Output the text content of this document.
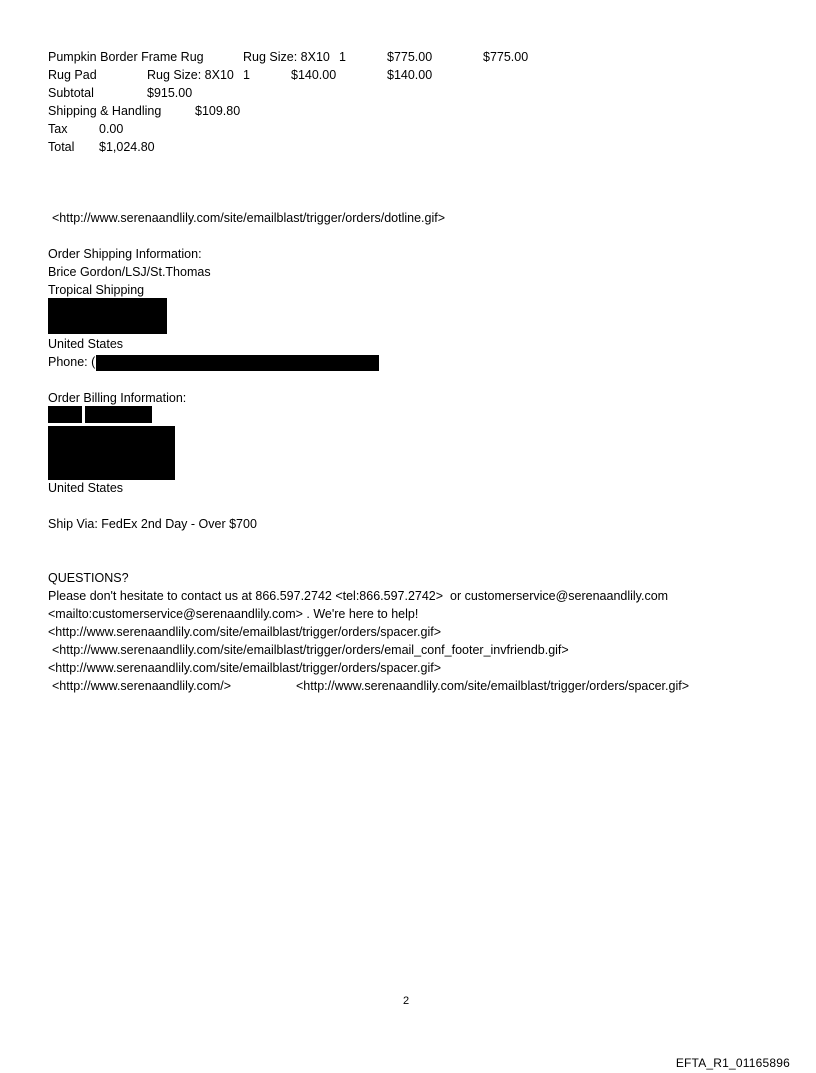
Pumpkin Border Frame Rug	Rug Size: 8X10 1	$775.00	$775.00
Rug Pad	Rug Size: 8X10 1	$140.00	$140.00
Subtotal	$915.00
Shipping & Handling	$109.80
Tax	0.00
Total $1,024.80
<http://www.serenaandlily.com/site/emailblast/trigger/orders/dotline.gif>
Order Shipping Information:
Brice Gordon/LSJ/St.Thomas
Tropical Shipping
United States
Phone: (
Order Billing Information:
United States
Ship Via: FedEx 2nd Day - Over $700
QUESTIONS?
Please don't hesitate to contact us at 866.597.2742 <tel:866.597.2742>  or customerservice@serenaandlily.com
<mailto:customerservice@serenaandlily.com> . We're here to help!
<http://www.serenaandlily.com/site/emailblast/trigger/orders/spacer.gif>
<http://www.serenaandlily.com/site/emailblast/trigger/orders/email_conf_footer_invfriendb.gif>
<http://www.serenaandlily.com/site/emailblast/trigger/orders/spacer.gif>
<http://www.serenaandlily.com/>	<http://www.serenaandlily.com/site/emailblast/trigger/orders/spacer.gif>
2
EFTA_R1_01165896
